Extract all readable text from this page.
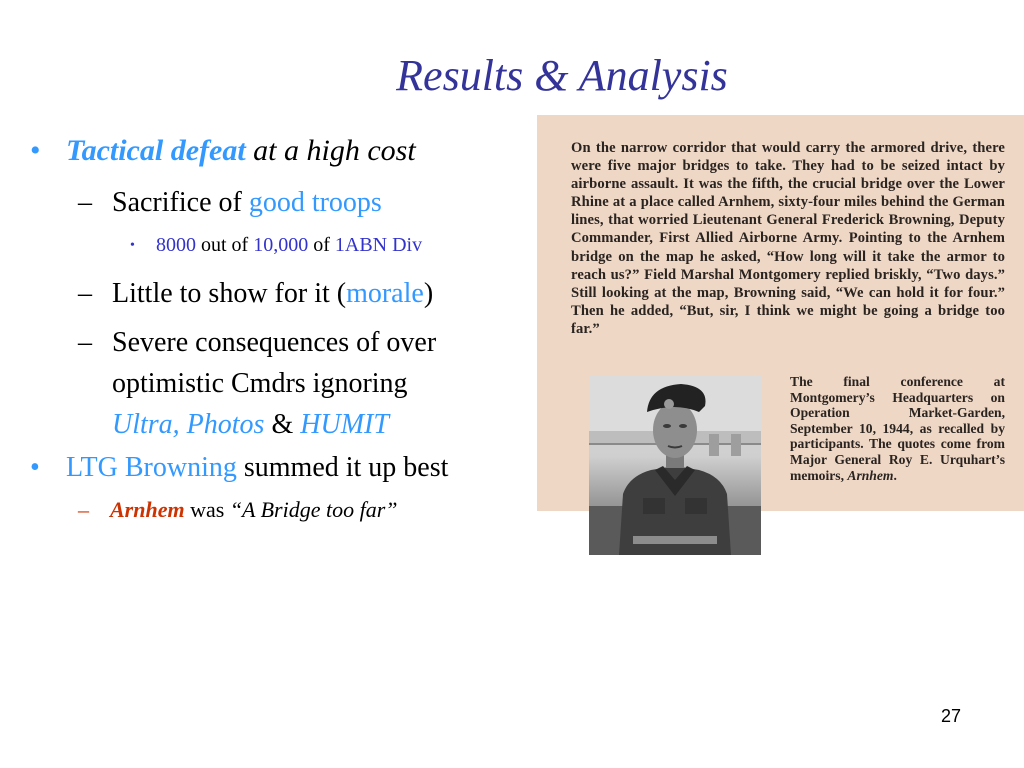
Results & Analysis
• Tactical defeat at a high cost
– Sacrifice of good troops
• 8000 out of 10,000 of 1ABN Div
– Little to show for it (morale)
– Severe consequences of over
optimistic Cmdrs ignoring
Ultra, Photos & HUMIT
• LTG Browning summed it up best
– Arnhem was “A Bridge too far”
On the narrow corridor that would carry the armored drive, there were five major bridges to take. They had to be seized intact by airborne assault. It was the fifth, the crucial bridge over the Lower Rhine at a place called Arnhem, sixty-four miles behind the German lines, that worried Lieutenant General Frederick Browning, Deputy Commander, First Allied Airborne Army. Pointing to the Arnhem bridge on the map he asked, “How long will it take the armor to reach us?” Field Marshal Montgomery replied briskly, “Two days.” Still looking at the map, Browning said, “We can hold it for four.” Then he added, “But, sir, I think we might be going a bridge too far.”
The final conference at Montgomery’s Headquarters on Operation Market-Garden, September 10, 1944, as recalled by participants. The quotes come from Major General Roy E. Urquhart’s memoirs, Arnhem.
27
